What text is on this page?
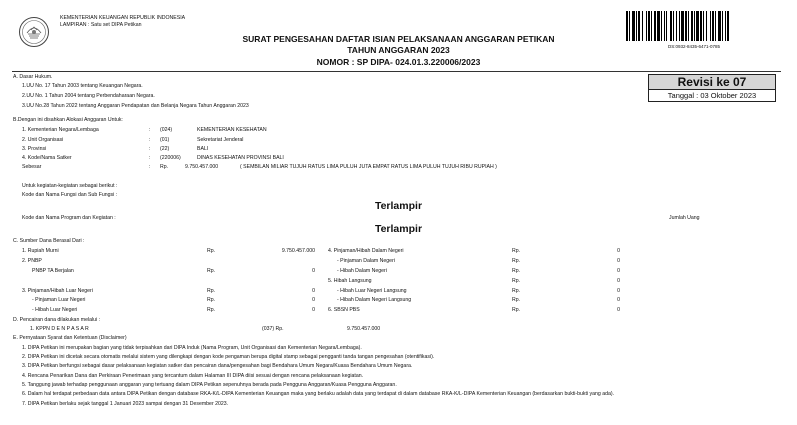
KEMENTERIAN KEUANGAN REPUBLIK INDONESIA
LAMPIRAN : Satu set DIPA Petikan
SURAT PENGESAHAN DAFTAR ISIAN PELAKSANAAN ANGGARAN PETIKAN
TAHUN ANGGARAN 2023
NOMOR : SP DIPA- 024.01.3.220006/2023
DS:0932-8435-6471-0785
Revisi ke 07
Tanggal : 03 Oktober 2023
A. Dasar Hukum.
1.UU No. 17 Tahun 2003 tentang Keuangan Negara.
2.UU No. 1 Tahun 2004 tentang Perbendaharaan Negara.
3.UU No.28 Tahun 2022 tentang Anggaran Pendapatan dan Belanja Negara Tahun Anggaran 2023
B.Dengan ini disahkan Alokasi Anggaran Untuk:
1. Kementerian Negara/Lembaga	: (024)	KEMENTERIAN KESEHATAN
2. Unit Organisasi	: (01)	Sekretariat Jenderal
3. Provinsi	: (22)	BALI
4. Kode/Nama Satker	: (220006)	DINAS KESEHATAN PROVINSI BALI
Sebesar	: Rp.	9.750.457.000	( SEMBILAN MILIAR TUJUH RATUS LIMA PULUH JUTA EMPAT RATUS LIMA PULUH TUJUH RIBU RUPIAH )
Untuk kegiatan-kegiatan sebagai berikut :
Kode dan Nama Fungsi dan Sub Fungsi :
Terlampir
Kode dan Nama Program dan Kegiatan :	Jumlah Uang
Terlampir
C. Sumber Dana Berasal Dari :
1. Rupiah Murni	Rp.	9.750.457.000
2. PNBP
PNBP TA Berjalan	Rp.	0
3. Pinjaman/Hibah Luar Negeri	Rp.	0
- Pinjaman Luar Negeri	Rp.	0
- Hibah Luar Negeri	Rp.	0
4. Pinjaman/Hibah Dalam Negeri	Rp.	0
- Pinjaman Dalam Negeri	Rp.	0
- Hibah Dalam Negeri	Rp.	0
5. Hibah Langsung	Rp.	0
- Hibah Luar Negeri Langsung	Rp.	0
- Hibah Dalam Negeri Langsung	Rp.	0
6. SBSN PBS	Rp.	0
D. Pencairan dana dilakukan melalui :
1. KPPN D E N P A S A R	(037) Rp.	9.750.457.000
E. Pernyataan Syarat dan Ketentuan (Disclaimer)
1. DIPA Petikan ini merupakan bagian yang tidak terpisahkan dari DIPA Induk (Nama Program, Unit Organisasi dan Kementerian Negara/Lembaga).
2. DIPA Petikan ini dicetak secara otomatis melalui sistem yang dilengkapi dengan kode pengaman berupa digital stamp sebagai pengganti tanda tangan pengesahan (otentifikasi).
3. DIPA Petikan berfungsi sebagai dasar pelaksanaan kegiatan satker dan pencairan dana/pengesahan bagi Bendahara Umum Negara/Kuasa Bendahara Umum Negara.
4. Rencana Penarikan Dana dan Perkiraan Penerimaan yang tercantum dalam Halaman III DIPA diisi sesuai dengan rencana pelaksanaan kegiatan.
5. Tanggung jawab terhadap penggunaan anggaran yang tertuang dalam DIPA Petikan sepenuhnya berada pada Pengguna Anggaran/Kuasa Pengguna Anggaran.
6. Dalam hal terdapat perbedaan data antara DIPA Petikan dengan database RKA-K/L-DIPA Kementerian Keuangan maka yang berlaku adalah data yang terdapat di dalam database RKA-K/L-DIPA Kementerian Keuangan (berdasarkan bukti-bukti yang ada).
7. DIPA Petikan berlaku sejak tanggal 1 Januari 2023 sampai dengan 31 Desember 2023.
